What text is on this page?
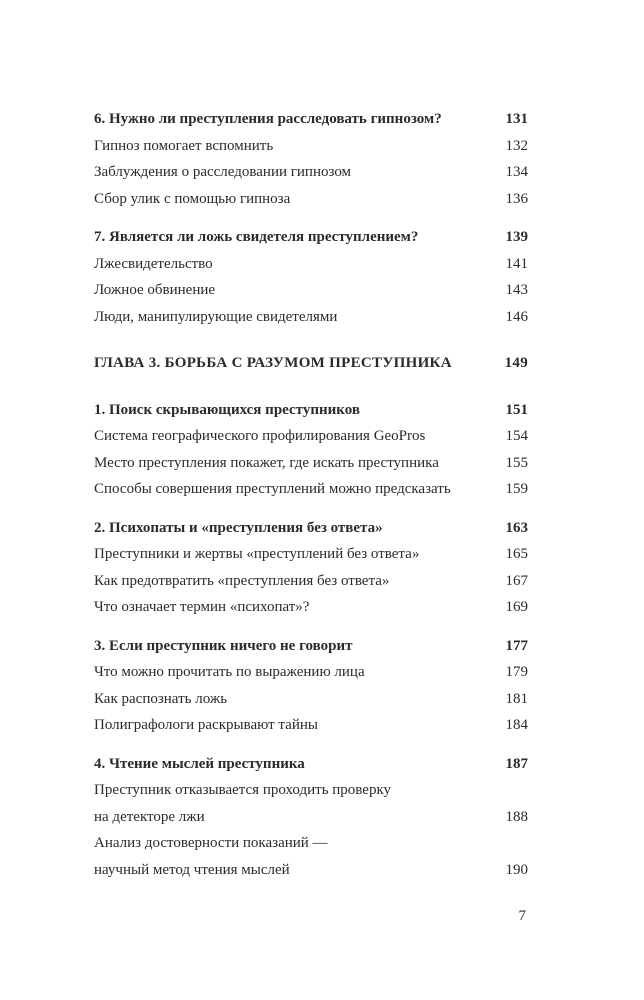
6. Нужно ли преступления расследовать гипнозом?	131
Гипноз помогает вспомнить	132
Заблуждения о расследовании гипнозом	134
Сбор улик с помощью гипноза	136
7. Является ли ложь свидетеля преступлением?	139
Лжесвидетельство	141
Ложное обвинение	143
Люди, манипулирующие свидетелями	146
ГЛАВА 3. БОРЬБА С РАЗУМОМ ПРЕСТУПНИКА	149
1. Поиск скрывающихся преступников	151
Система географического профилирования GeoPros	154
Место преступления покажет, где искать преступника	155
Способы совершения преступлений можно предсказать	159
2. Психопаты и «преступления без ответа»	163
Преступники и жертвы «преступлений без ответа»	165
Как предотвратить «преступления без ответа»	167
Что означает термин «психопат»?	169
3. Если преступник ничего не говорит	177
Что можно прочитать по выражению лица	179
Как распознать ложь	181
Полиграфологи раскрывают тайны	184
4. Чтение мыслей преступника	187
Преступник отказывается проходить проверку
на детекторе лжи	188
Анализ достоверности показаний —
научный метод чтения мыслей	190
7
